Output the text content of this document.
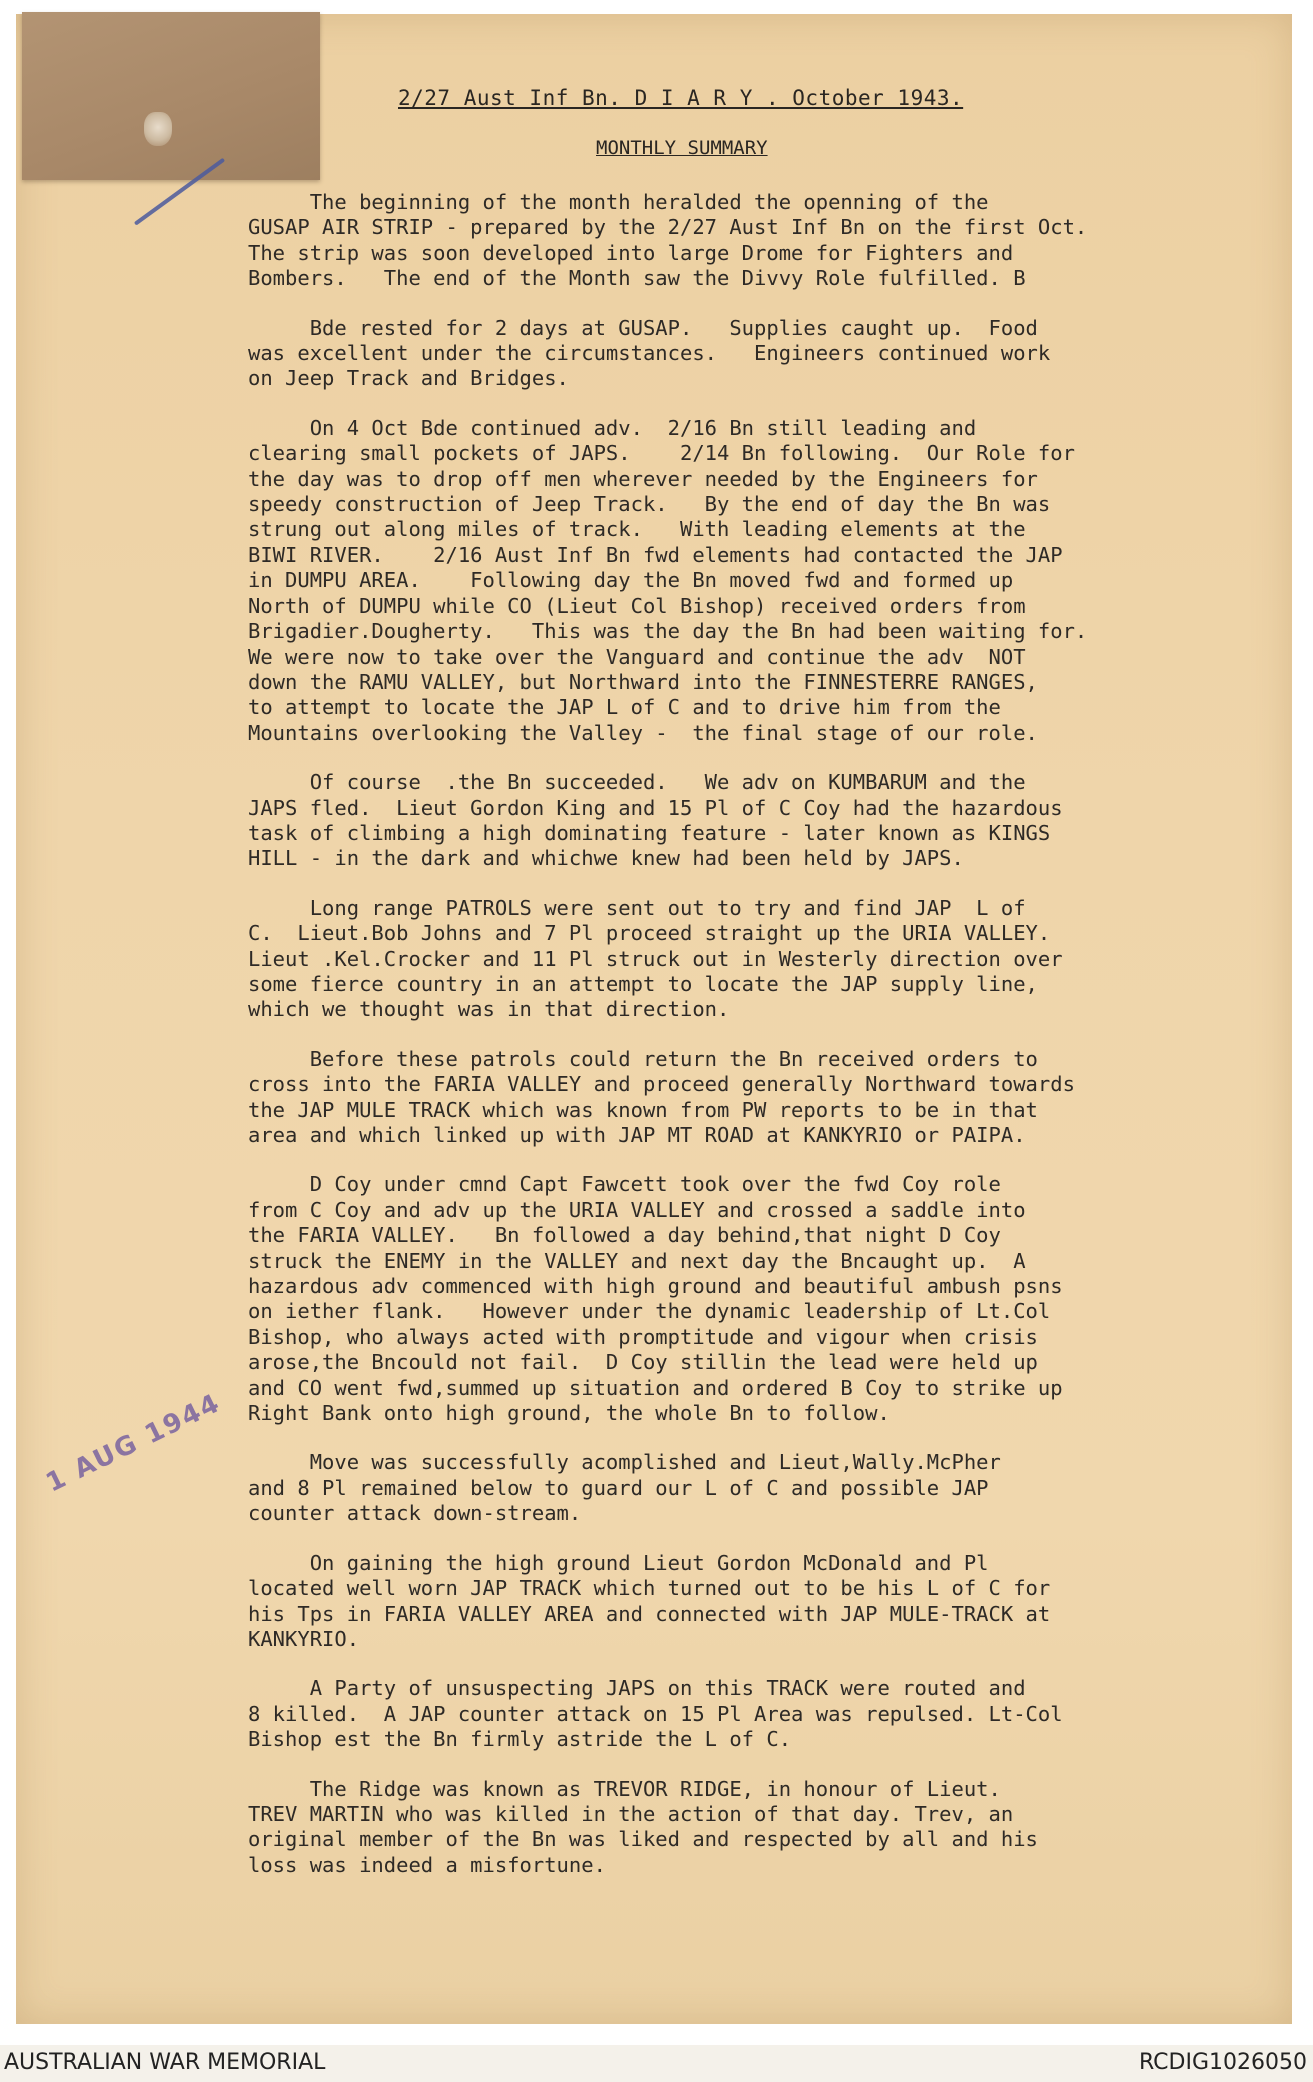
1 AUG 1944
2/27 Aust Inf Bn. D I A R Y . October 1943.
MONTHLY SUMMARY
The beginning of the month heralded the openning of the
GUSAP AIR STRIP - prepared by the 2/27 Aust Inf Bn on the first Oct.
The strip was soon developed into large Drome for Fighters and
Bombers.   The end of the Month saw the Divvy Role fulfilled. B
Bde rested for 2 days at GUSAP.   Supplies caught up.  Food
was excellent under the circumstances.   Engineers continued work
on Jeep Track and Bridges.
On 4 Oct Bde continued adv.  2/16 Bn still leading and
clearing small pockets of JAPS.    2/14 Bn following.  Our Role for
the day was to drop off men wherever needed by the Engineers for
speedy construction of Jeep Track.   By the end of day the Bn was
strung out along miles of track.   With leading elements at the
BIWI RIVER.    2/16 Aust Inf Bn fwd elements had contacted the JAP
in DUMPU AREA.    Following day the Bn moved fwd and formed up
North of DUMPU while CO (Lieut Col Bishop) received orders from
Brigadier.Dougherty.   This was the day the Bn had been waiting for.
We were now to take over the Vanguard and continue the adv  NOT
down the RAMU VALLEY, but Northward into the FINNESTERRE RANGES,
to attempt to locate the JAP L of C and to drive him from the
Mountains overlooking the Valley -  the final stage of our role.
Of course  .the Bn succeeded.   We adv on KUMBARUM and the
JAPS fled.  Lieut Gordon King and 15 Pl of C Coy had the hazardous
task of climbing a high dominating feature - later known as KINGS
HILL - in the dark and whichwe knew had been held by JAPS.
Long range PATROLS were sent out to try and find JAP  L of
C.  Lieut.Bob Johns and 7 Pl proceed straight up the URIA VALLEY.
Lieut .Kel.Crocker and 11 Pl struck out in Westerly direction over
some fierce country in an attempt to locate the JAP supply line,
which we thought was in that direction.
Before these patrols could return the Bn received orders to
cross into the FARIA VALLEY and proceed generally Northward towards
the JAP MULE TRACK which was known from PW reports to be in that
area and which linked up with JAP MT ROAD at KANKYRIO or PAIPA.
D Coy under cmnd Capt Fawcett took over the fwd Coy role
from C Coy and adv up the URIA VALLEY and crossed a saddle into
the FARIA VALLEY.   Bn followed a day behind,that night D Coy
struck the ENEMY in the VALLEY and next day the Bncaught up.  A
hazardous adv commenced with high ground and beautiful ambush psns
on iether flank.   However under the dynamic leadership of Lt.Col
Bishop, who always acted with promptitude and vigour when crisis
arose,the Bncould not fail.  D Coy stillin the lead were held up
and CO went fwd,summed up situation and ordered B Coy to strike up
Right Bank onto high ground, the whole Bn to follow.
Move was successfully acomplished and Lieut,Wally.McPher
and 8 Pl remained below to guard our L of C and possible JAP
counter attack down-stream.
On gaining the high ground Lieut Gordon McDonald and Pl
located well worn JAP TRACK which turned out to be his L of C for
his Tps in FARIA VALLEY AREA and connected with JAP MULE-TRACK at
KANKYRIO.
A Party of unsuspecting JAPS on this TRACK were routed and
8 killed.  A JAP counter attack on 15 Pl Area was repulsed. Lt-Col
Bishop est the Bn firmly astride the L of C.
The Ridge was known as TREVOR RIDGE, in honour of Lieut.
TREV MARTIN who was killed in the action of that day. Trev, an
original member of the Bn was liked and respected by all and his
loss was indeed a misfortune.
AUSTRALIAN WAR MEMORIAL	RCDIG1026050
